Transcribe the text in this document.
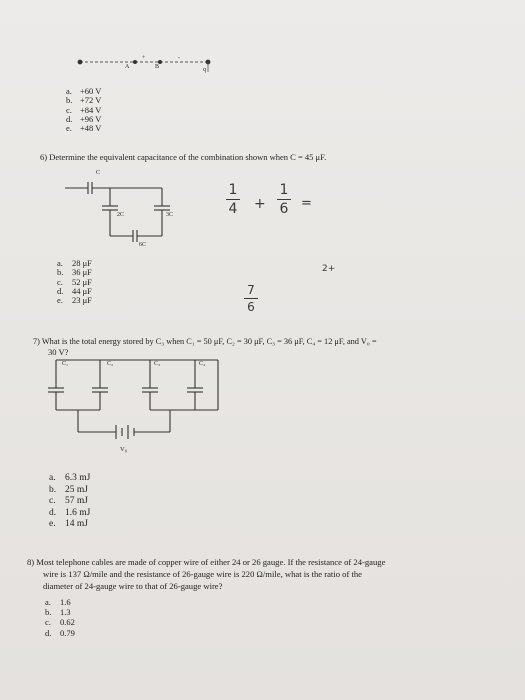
A	B
+	-
q
a. +60 V
b. +72 V
c. +84 V
d. +96 V
e. +48 V
6) Determine the equivalent capacitance of the combination shown when C = 45 μF.
C
2C	3C
6C
1
4 +
1
6 =
2+
7
6
a. 28 μF
b. 36 μF
c. 52 μF
d. 44 μF
e. 23 μF
7) What is the total energy stored by C₃ when C₁ = 50 μF, C₂ = 30 μF, C₃ = 36 μF, C₄ = 12 μF, and V₀ =
30 V?
C₁	C₂	C₃	C₄
V₀
a. 6.3 mJ
b. 25 mJ
c. 57 mJ
d. 1.6 mJ
e. 14 mJ
8) Most telephone cables are made of copper wire of either 24 or 26 gauge. If the resistance of 24-gauge
wire is 137 Ω/mile and the resistance of 26-gauge wire is 220 Ω/mile, what is the ratio of the
diameter of 24-gauge wire to that of 26-gauge wire?
a. 1.6
b. 1.3
c. 0.62
d. 0.79
